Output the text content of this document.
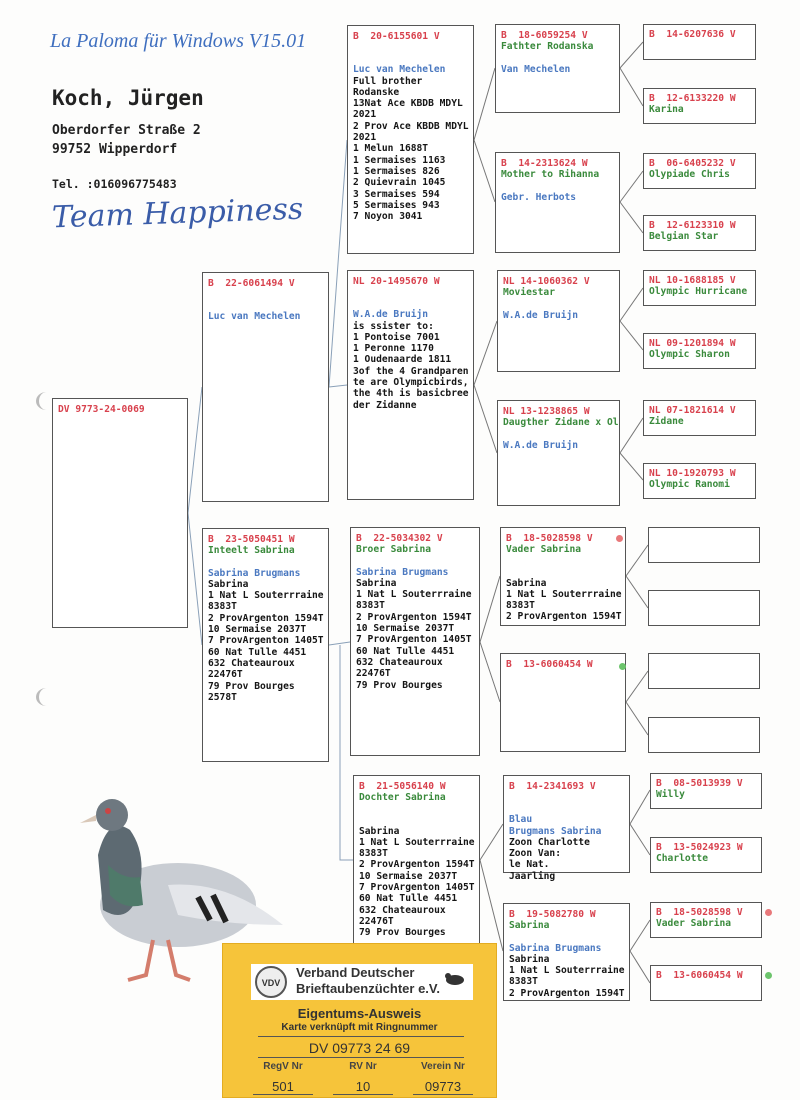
La Paloma für Windows V15.01
Koch, Jürgen
Oberdorfer Straße 2
99752 Wipperdorf
Tel. :016096775483
Team Happiness
DV 9773-24-0069
B  22-6061494 V
Luc van Mechelen
B  23-5050451 W
Inteelt Sabrina
Sabrina Brugmans
Sabrina
1 Nat L Souterrraine
8383T
2 ProvArgenton 1594T
10 Sermaise 2037T
7 ProvArgenton 1405T
60 Nat Tulle 4451
632 Chateauroux
22476T
79 Prov Bourges
2578T
B  20-6155601 V
Luc van Mechelen
Full brother
Rodanske
13Nat Ace KBDB MDYL
2021
2 Prov Ace KBDB MDYL
2021
1 Melun 1688T
1 Sermaises 1163
1 Sermaises 826
2 Quievrain 1045
3 Sermaises 594
5 Sermaises 943
7 Noyon 3041
NL 20-1495670 W
W.A.de Bruijn
is ssister to:
1 Pontoise 7001
1 Peronne 1170
1 Oudenaarde 1811
3of the 4 Grandparen
te are Olympicbirds,
the 4th is basicbree
der Zidanne
B  22-5034302 V
Broer Sabrina
Sabrina Brugmans
Sabrina
1 Nat L Souterrraine
8383T
2 ProvArgenton 1594T
10 Sermaise 2037T
7 ProvArgenton 1405T
60 Nat Tulle 4451
632 Chateauroux
22476T
79 Prov Bourges
B  21-5056140 W
Dochter Sabrina
Sabrina
1 Nat L Souterrraine
8383T
2 ProvArgenton 1594T
10 Sermaise 2037T
7 ProvArgenton 1405T
60 Nat Tulle 4451
632 Chateauroux
22476T
79 Prov Bourges
B  18-6059254 V
Fathter Rodanska
Van Mechelen
B  14-2313624 W
Mother to Rihanna
Gebr. Herbots
NL 14-1060362 V
Moviestar
W.A.de Bruijn
NL 13-1238865 W
Daugther Zidane x Ol
W.A.de Bruijn
B  18-5028598 V
Vader Sabrina
Sabrina
1 Nat L Souterrraine
8383T
2 ProvArgenton 1594T
B  13-6060454 W
B  14-2341693 V
Blau
Brugmans Sabrina
Zoon Charlotte
Zoon Van:
le Nat.
Jaarling
B  19-5082780 W
Sabrina
Sabrina Brugmans
Sabrina
1 Nat L Souterrraine
8383T
2 ProvArgenton 1594T
B  14-6207636 V
B  12-6133220 W
Karina
B  06-6405232 V
Olypiade Chris
B  12-6123310 W
Belgian Star
NL 10-1688185 V
Olympic Hurricane
NL 09-1201894 W
Olympic Sharon
NL 07-1821614 V
Zidane
NL 10-1920793 W
Olympic Ranomi
B  08-5013939 V
Willy
B  13-5024923 W
Charlotte
B  18-5028598 V
Vader Sabrina
B  13-6060454 W
VDV
Verband Deutscher
Brieftaubenzüchter e.V.
Eigentums-Ausweis
Karte verknüpft mit Ringnummer
DV 09773 24 69
RegV Nr	RV Nr	Verein Nr
501	10	09773
